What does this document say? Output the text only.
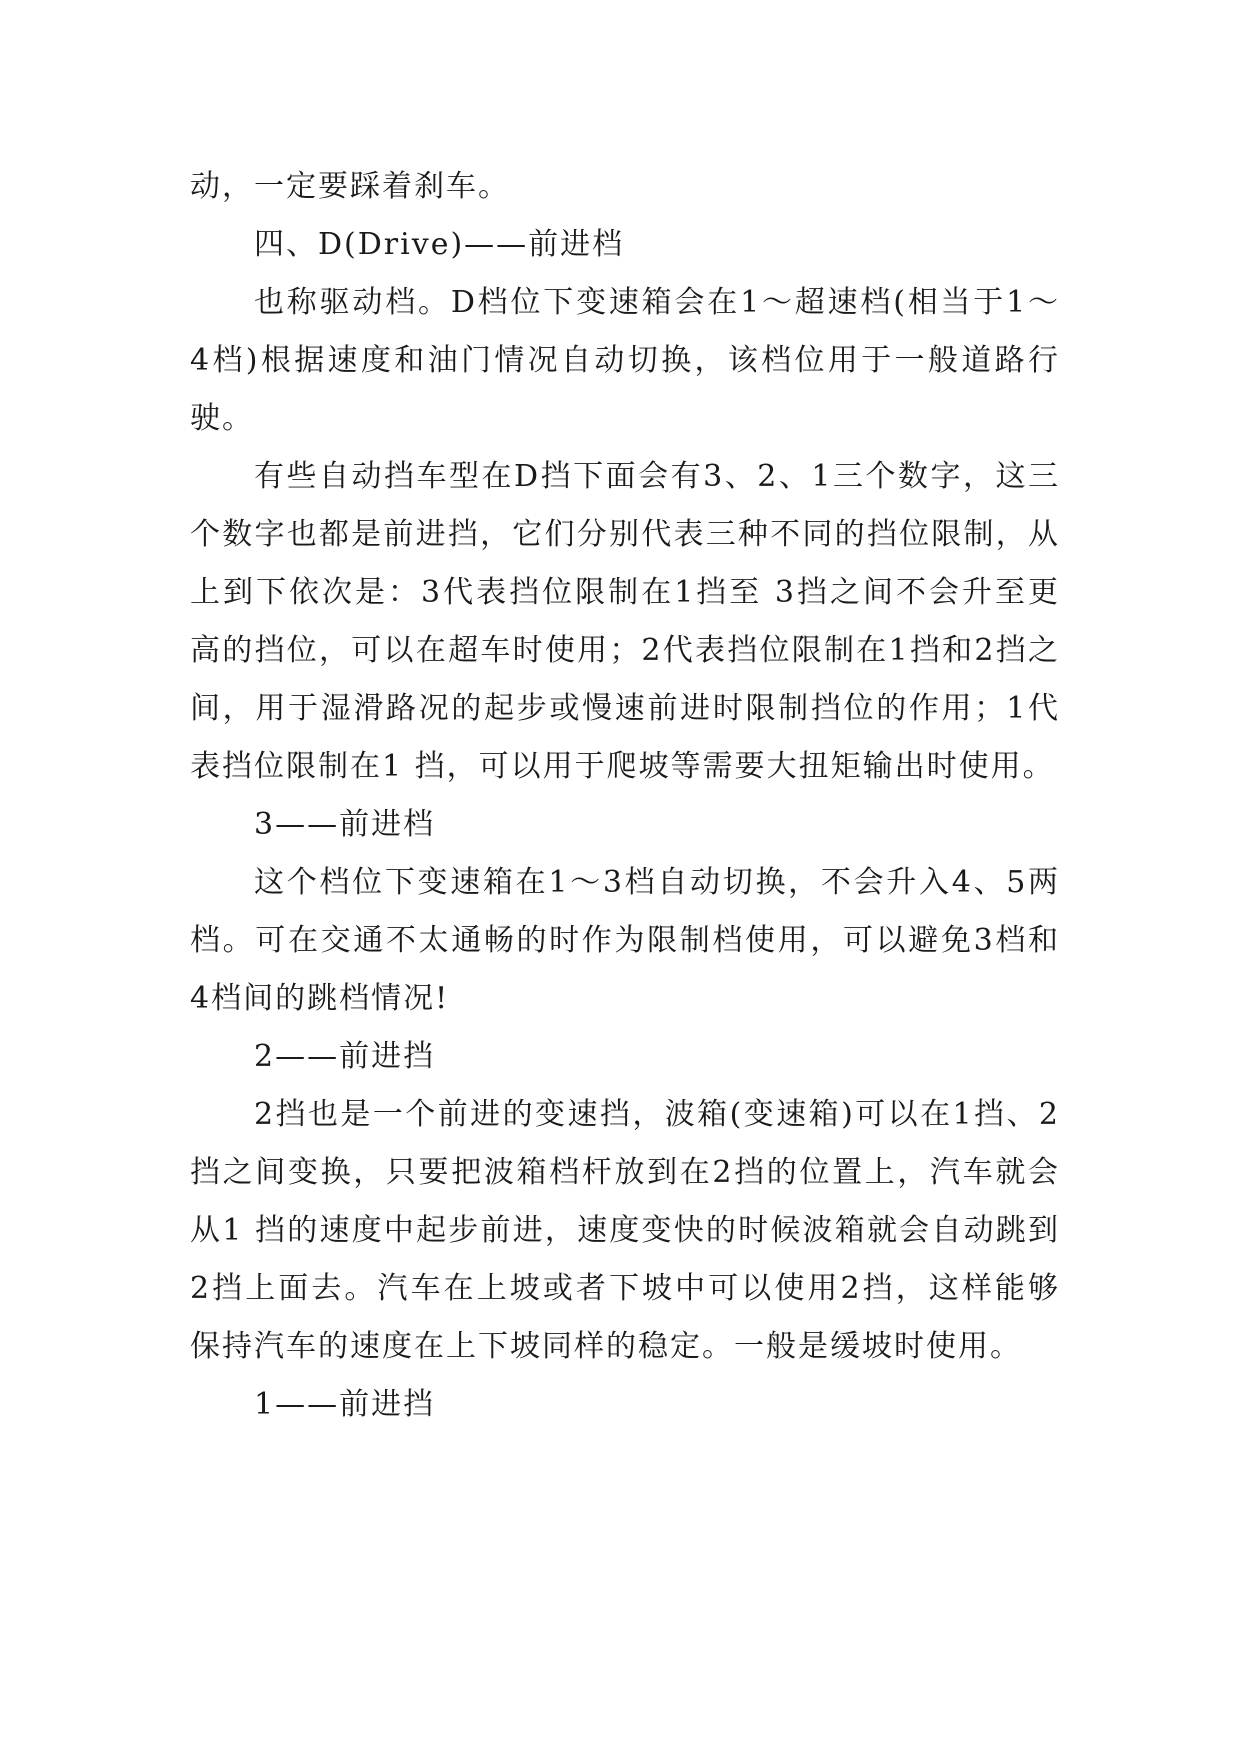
动，一定要踩着刹车。

四、D(Drive)——前进档

也称驱动档。D档位下变速箱会在1～超速档(相当于1～4档)根据速度和油门情况自动切换，该档位用于一般道路行驶。

有些自动挡车型在D挡下面会有3、2、1三个数字，这三个数字也都是前进挡，它们分别代表三种不同的挡位限制，从上到下依次是：3代表挡位限制在1挡至 3挡之间不会升至更高的挡位，可以在超车时使用；2代表挡位限制在1挡和2挡之间，用于湿滑路况的起步或慢速前进时限制挡位的作用；1代表挡位限制在1 挡，可以用于爬坡等需要大扭矩输出时使用。

3——前进档

这个档位下变速箱在1～3档自动切换，不会升入4、5两档。可在交通不太通畅的时作为限制档使用，可以避免3档和4档间的跳档情况!

2——前进挡

2挡也是一个前进的变速挡，波箱(变速箱)可以在1挡、2挡之间变换，只要把波箱档杆放到在2挡的位置上，汽车就会从1 挡的速度中起步前进，速度变快的时候波箱就会自动跳到2挡上面去。汽车在上坡或者下坡中可以使用2挡，这样能够保持汽车的速度在上下坡同样的稳定。一般是缓坡时使用。

1——前进挡
